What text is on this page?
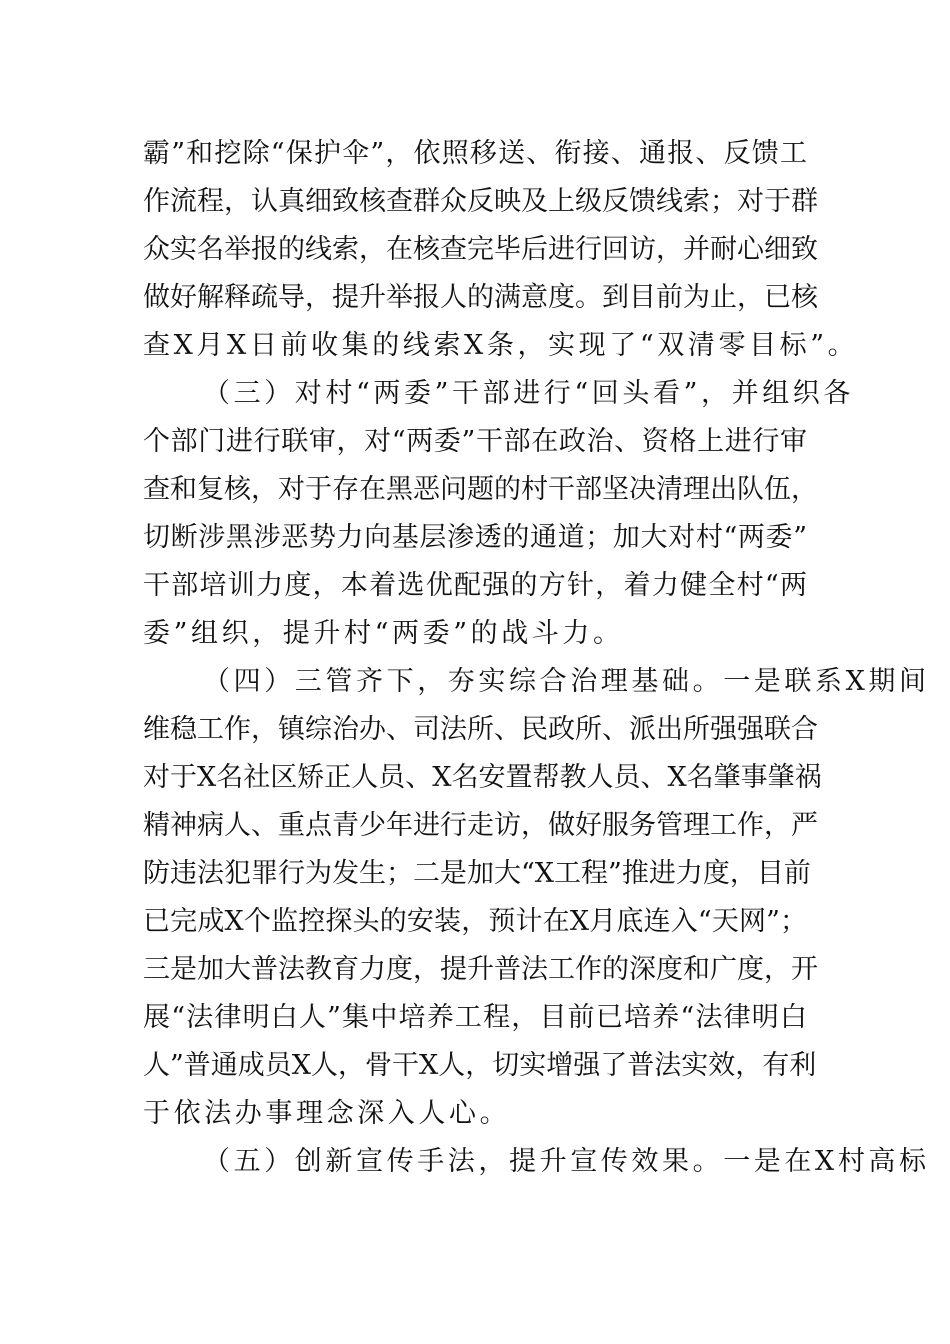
霸”和挖除“保护伞”，依照移送、衔接、通报、反馈工
作流程，认真细致核查群众反映及上级反馈线索；对于群
众实名举报的线索，在核查完毕后进行回访，并耐心细致
做好解释疏导，提升举报人的满意度。到目前为止，已核
查X月X日前收集的线索X条，实现了“双清零目标”。
（三）对村“两委”干部进行“回头看”，并组织各
个部门进行联审，对“两委”干部在政治、资格上进行审
查和复核，对于存在黑恶问题的村干部坚决清理出队伍，
切断涉黑涉恶势力向基层渗透的通道；加大对村“两委”
干部培训力度，本着选优配强的方针，着力健全村“两
委”组织，提升村“两委”的战斗力。
（四）三管齐下，夯实综合治理基础。一是联系X期间
维稳工作，镇综治办、司法所、民政所、派出所强强联合
对于X名社区矫正人员、X名安置帮教人员、X名肇事肇祸
精神病人、重点青少年进行走访，做好服务管理工作，严
防违法犯罪行为发生；二是加大“X工程”推进力度，目前
已完成X个监控探头的安装，预计在X月底连入“天网”；
三是加大普法教育力度，提升普法工作的深度和广度，开
展“法律明白人”集中培养工程，目前已培养“法律明白
人”普通成员X人，骨干X人，切实增强了普法实效，有利
于依法办事理念深入人心。
（五）创新宣传手法，提升宣传效果。一是在X村高标
